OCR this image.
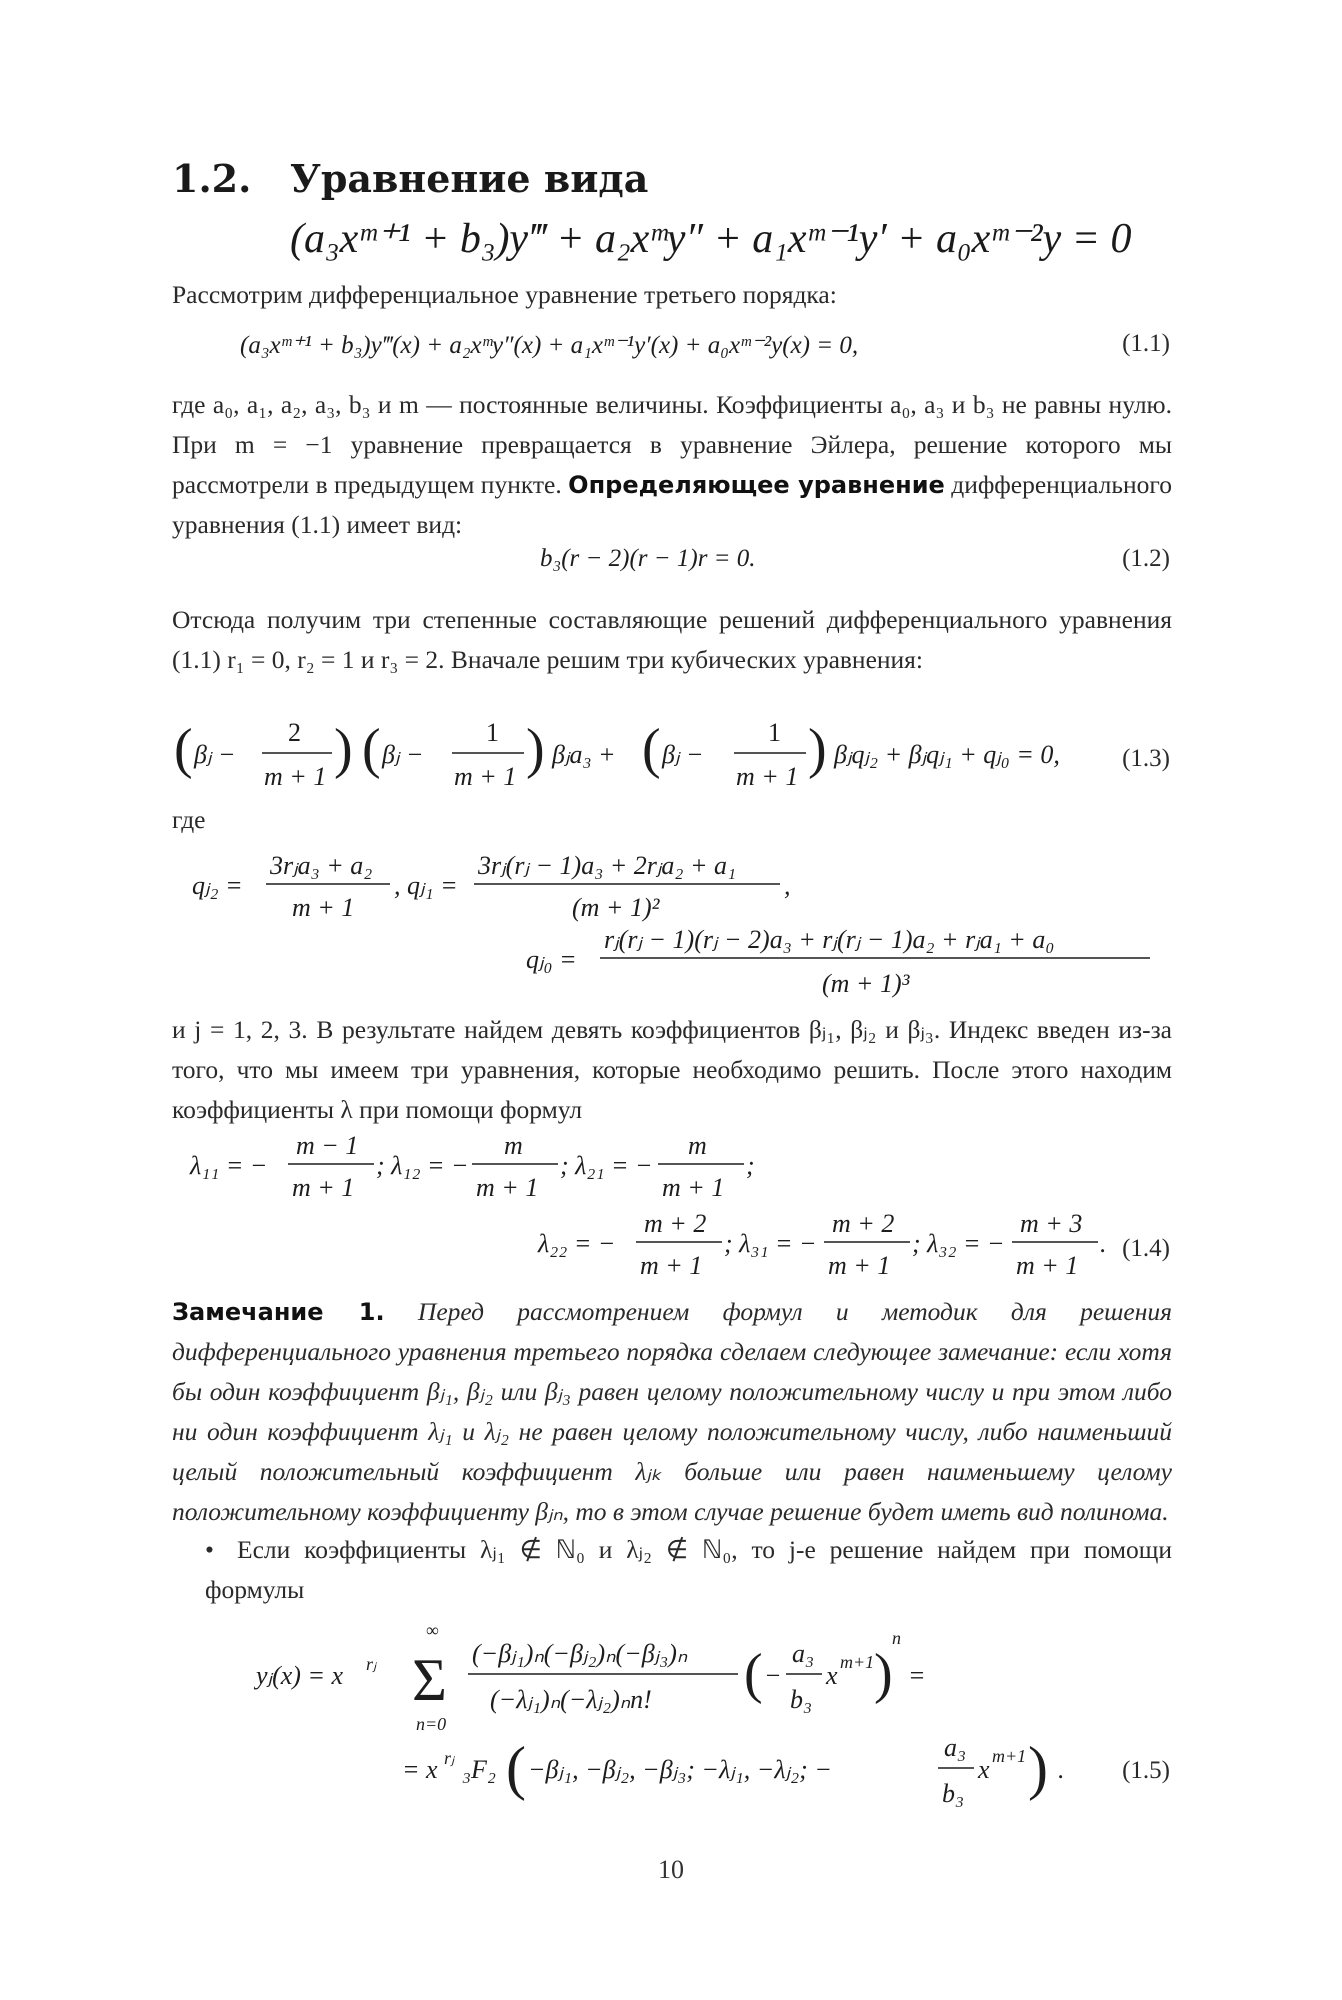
1.2. Уравнение вида
(a₃xᵐ⁺¹ + b₃)y‴ + a₂xᵐy″ + a₁xᵐ⁻¹y′ + a₀xᵐ⁻²y = 0
Рассмотрим дифференциальное уравнение третьего порядка:
(a₃xᵐ⁺¹ + b₃)y‴(x) + a₂xᵐy″(x) + a₁xᵐ⁻¹y′(x) + a₀xᵐ⁻²y(x) = 0,	(1.1)
где a₀, a₁, a₂, a₃, b₃ и m — постоянные величины. Коэффициенты a₀, a₃ и b₃ не равны нулю. При m = −1 уравнение превращается в уравнение Эйлера, решение которого мы рассмотрели в предыдущем пункте. Определяющее уравнение дифференциального уравнения (1.1) имеет вид:
b₃(r − 2)(r − 1)r = 0.	(1.2)
Отсюда получим три степенные составляющие решений дифференциального уравнения (1.1) r₁ = 0, r₂ = 1 и r₃ = 2. Вначале решим три кубических уравнения:
( βⱼ −
2
m + 1 ) ( βⱼ −
1
m + 1 ) βⱼa₃ + ( βⱼ −
1
m + 1 ) βⱼqⱼ₂ + βⱼqⱼ₁ + qⱼ₀ = 0, (1.3)
где
qⱼ₂ =
3rⱼa₃ + a₂
m + 1
, qⱼ₁ =
3rⱼ(rⱼ − 1)a₃ + 2rⱼa₂ + a₁
(m + 1)²
,
qⱼ₀ =
rⱼ(rⱼ − 1)(rⱼ − 2)a₃ + rⱼ(rⱼ − 1)a₂ + rⱼa₁ + a₀
(m + 1)³
и j = 1, 2, 3. В результате найдем девять коэффициентов βⱼ₁, βⱼ₂ и βⱼ₃. Индекс введен из-за того, что мы имеем три уравнения, которые необходимо решить. После этого находим коэффициенты λ при помощи формул
λ₁₁ = −
m − 1
m + 1
; λ₁₂ = −
m
m + 1
; λ₂₁ = −
m
m + 1
;
λ₂₂ = −
m + 2
m + 1
; λ₃₁ = −
m + 2
m + 1
; λ₃₂ = −
m + 3
m + 1
. (1.4)
Замечание 1. Перед рассмотрением формул и методик для решения дифференциального уравнения третьего порядка сделаем следующее замечание: если хотя бы один коэффициент βⱼ₁, βⱼ₂ или βⱼ₃ равен целому положительному числу и при этом либо ни один коэффициент λⱼ₁ и λⱼ₂ не равен целому положительному числу, либо наименьший целый положительный коэффициент λⱼₖ больше или равен наименьшему целому положительному коэффициенту βⱼₙ, то в этом случае решение будет иметь вид полинома.
• Если коэффициенты λⱼ₁ ∉ ℕ₀ и λⱼ₂ ∉ ℕ₀, то j-е решение найдем при помощи формулы
yⱼ(x) = x rⱼ
∞
Σ
n=0
(−βⱼ₁)ₙ(−βⱼ₂)ₙ(−βⱼ₃)ₙ
(−λⱼ₁)ₙ(−λⱼ₂)ₙn! ( −
a₃
b₃
x m+1 )
n
=
= x rⱼ ₃F₂ ( −βⱼ₁, −βⱼ₂, −βⱼ₃; −λⱼ₁, −λⱼ₂; −
a₃
b₃
x m+1 ) . (1.5)
10
